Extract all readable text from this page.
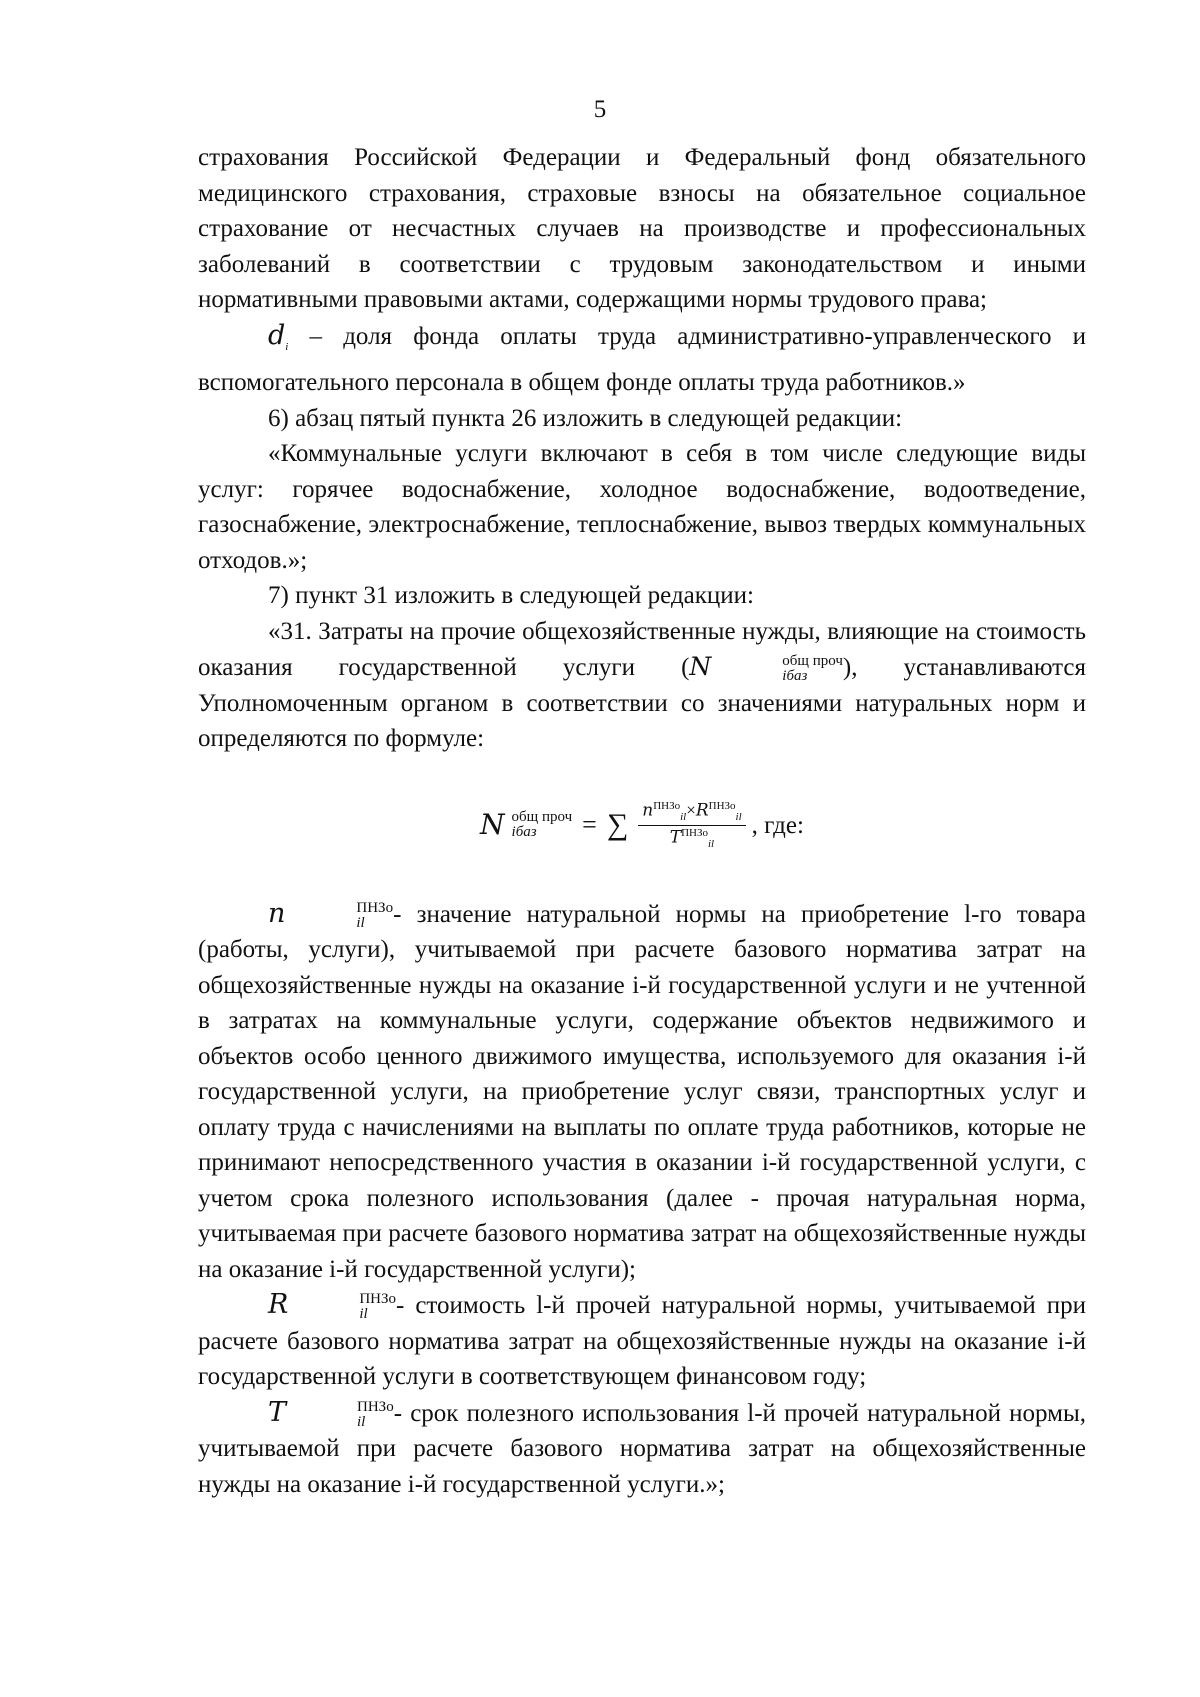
5

страхования Российской Федерации и Федеральный фонд обязательного медицинского страхования, страховые взносы на обязательное социальное страхование от несчастных случаев на производстве и профессиональных заболеваний в соответствии с трудовым законодательством и иными нормативными правовыми актами, содержащими нормы трудового права;

$d_i$ – доля фонда оплаты труда административно-управленческого и вспомогательного персонала в общем фонде оплаты труда работников.»

6) абзац пятый пункта 26 изложить в следующей редакции:

«Коммунальные услуги включают в себя в том числе следующие виды услуг: горячее водоснабжение, холодное водоснабжение, водоотведение, газоснабжение, электроснабжение, теплоснабжение, вывоз твердых коммунальных отходов.»;

7) пункт 31 изложить в следующей редакции:

«31. Затраты на прочие общехозяйственные нужды, влияющие на стоимость оказания государственной услуги (N	общ проч
iбаз	), устанавливаются Уполномоченным органом в соответствии со значениями натуральных норм и определяются по формуле:

N общ проч
iбаз	= ∑ $\frac{n^{ПНЗо}_{il}\times R^{ПНЗо}_{il}}{T^{ПНЗо}_{il}}$ , где:

n	ПНЗо
il	- значение натуральной нормы на приобретение l-го товара (работы, услуги), учитываемой при расчете базового норматива затрат на общехозяйственные нужды на оказание i-й государственной услуги и не учтенной в затратах на коммунальные услуги, содержание объектов недвижимого и объектов особо ценного движимого имущества, используемого для оказания i-й государственной услуги, на приобретение услуг связи, транспортных услуг и оплату труда с начислениями на выплаты по оплате труда работников, которые не принимают непосредственного участия в оказании i-й государственной услуги, с учетом срока полезного использования (далее - прочая натуральная норма, учитываемая при расчете базового норматива затрат на общехозяйственные нужды на оказание i-й государственной услуги);

R	ПНЗо
il	- стоимость l-й прочей натуральной нормы, учитываемой при расчете базового норматива затрат на общехозяйственные нужды на оказание i-й государственной услуги в соответствующем финансовом году;

T	ПНЗо
il	- срок полезного использования l-й прочей натуральной нормы, учитываемой при расчете базового норматива затрат на общехозяйственные нужды на оказание i-й государственной услуги.»;
